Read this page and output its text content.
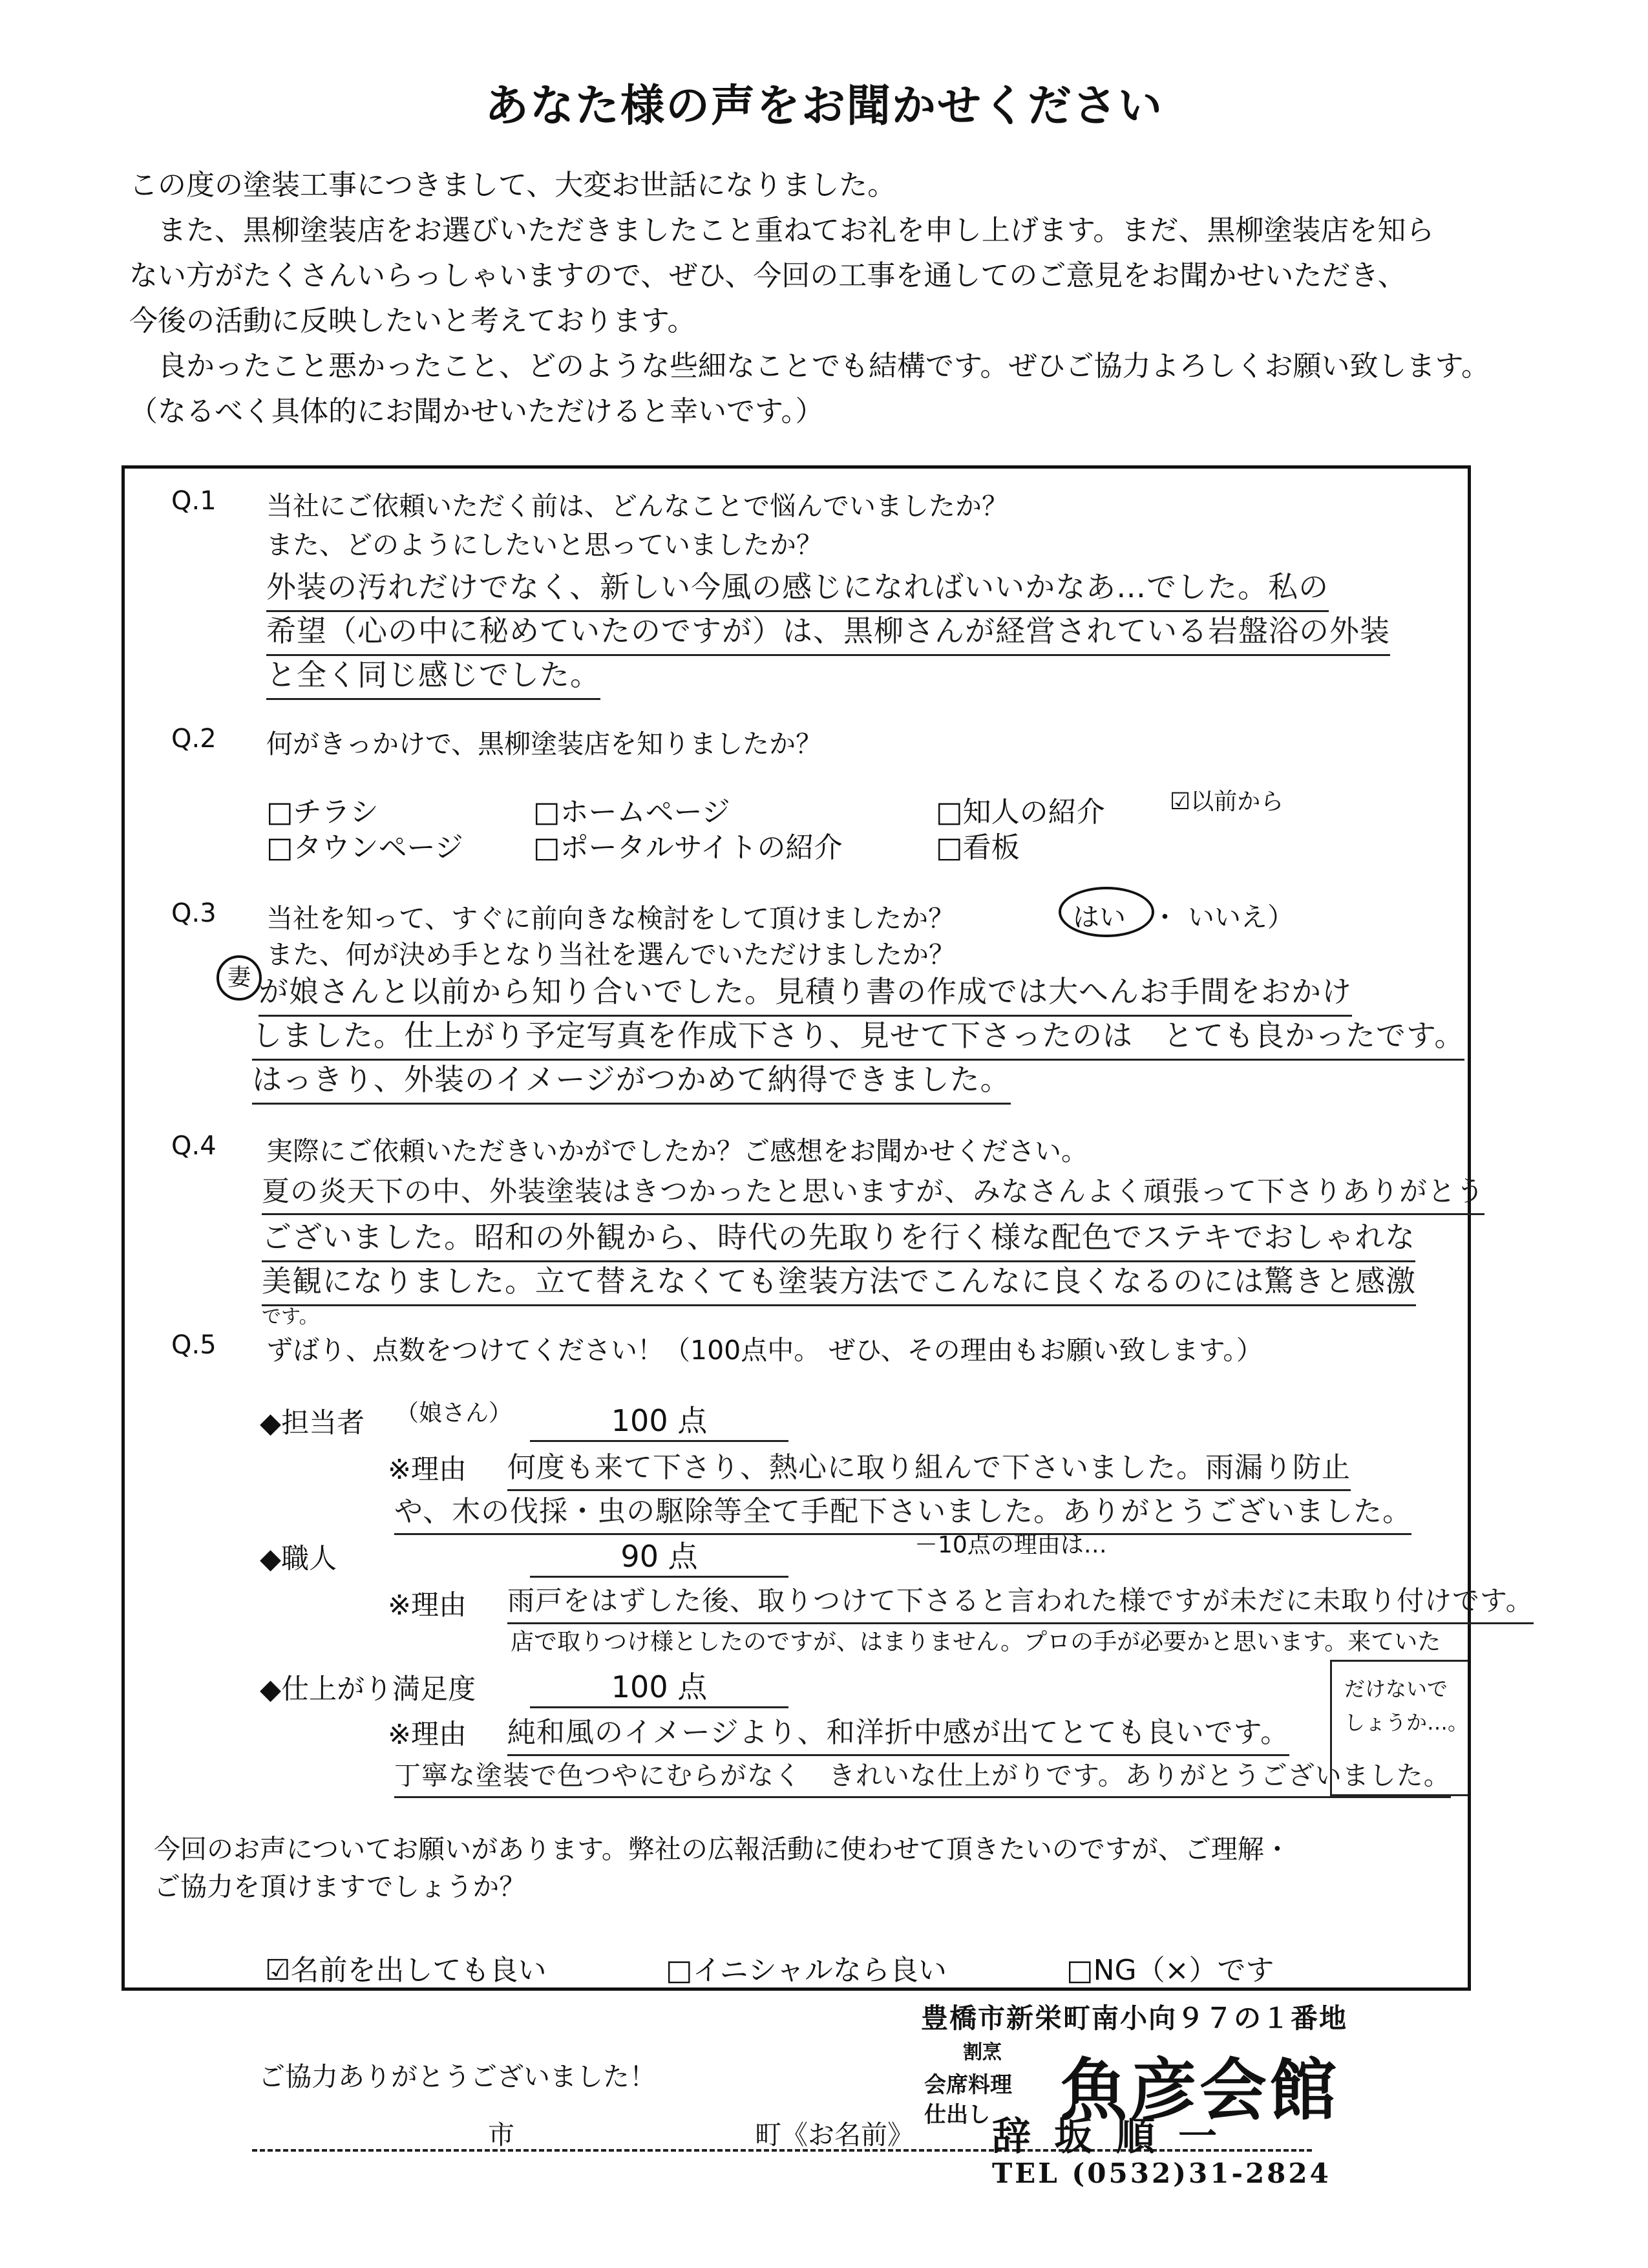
あなた様の声をお聞かせください

この度の塗装工事につきまして、大変お世話になりました。

　また、黒柳塗装店をお選びいただきましたこと重ねてお礼を申し上げます。まだ、黒柳塗装店を知ら

ない方がたくさんいらっしゃいますので、ぜひ、今回の工事を通してのご意見をお聞かせいただき、

今後の活動に反映したいと考えております。

　良かったこと悪かったこと、どのような些細なことでも結構です。ぜひご協力よろしくお願い致します。

（なるべく具体的にお聞かせいただけると幸いです。）

Q.1 当社にご依頼いただく前は、どんなことで悩んでいましたか？
また、どのようにしたいと思っていましたか？
外装の汚れだけでなく、新しい今風の感じになればいいかなあ…でした。私の
希望（心の中に秘めていたのですが）は、黒柳さんが経営されている岩盤浴の外装
と全く同じ感じでした。
Q.2 何がきっかけで、黒柳塗装店を知りましたか？
□チラシ	□ホームページ	□知人の紹介	☑以前から
□タウンページ □ポータルサイトの紹介	□看板
Q.3 当社を知って、すぐに前向きな検討をして頂けましたか？	はい ・ いいえ）
また、何が決め手となり当社を選んでいただけましたか？
妻 が娘さんと以前から知り合いでした。見積り書の作成では大へんお手間をおかけ
しました。仕上がり予定写真を作成下さり、見せて下さったのは　とても良かったです。
はっきり、外装のイメージがつかめて納得できました。
Q.4 実際にご依頼いただきいかがでしたか？ご感想をお聞かせください。
夏の炎天下の中、外装塗装はきつかったと思いますが、みなさんよく頑張って下さりありがとう
ございました。昭和の外観から、時代の先取りを行く様な配色でステキでおしゃれな
美観になりました。立て替えなくても塗装方法でこんなに良くなるのには驚きと感激
です。
Q.5 ずばり、点数をつけてください！（100点中。 ぜひ、その理由もお願い致します。）
◆担当者 （娘さん）	100 点
※理由 何度も来て下さり、熱心に取り組んで下さいました。雨漏り防止
や、木の伐採・虫の駆除等全て手配下さいました。ありがとうございました。
◆職人	90 点	－10点の理由は…
※理由 雨戸をはずした後、取りつけて下さると言われた様ですが未だに未取り付けです。
店で取りつけ様としたのですが、はまりません。プロの手が必要かと思います。来ていた
◆仕上がり満足度	100 点
※理由 純和風のイメージより、和洋折中感が出てとても良いです。
丁寧な塗装で色つやにむらがなく　きれいな仕上がりです。ありがとうございました。
だけないで
しょうか…。
今回のお声についてお願いがあります。弊社の広報活動に使わせて頂きたいのですが、ご理解・
ご協力を頂けますでしょうか？
☑名前を出しても良い	□イニシャルなら良い	□NG（×）です
ご協力ありがとうございました！
市	町《お名前》
豊橋市新栄町南小向９７の１番地
割烹
会席料理
仕出し 魚彦会館
辞坂順一
TEL (0532)31-2824
